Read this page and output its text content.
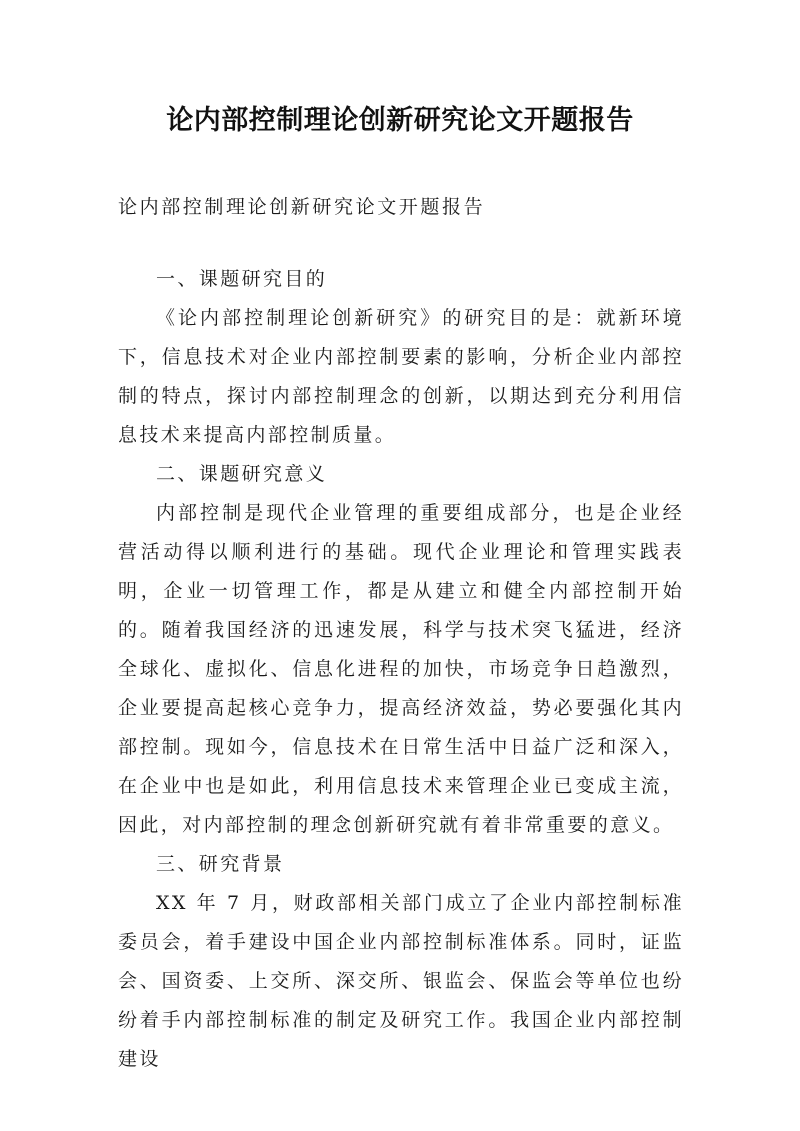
论内部控制理论创新研究论文开题报告
论内部控制理论创新研究论文开题报告
一、课题研究目的

《论内部控制理论创新研究》的研究目的是：就新环境下，信息技术对企业内部控制要素的影响，分析企业内部控制的特点，探讨内部控制理念的创新，以期达到充分利用信息技术来提高内部控制质量。

二、课题研究意义

内部控制是现代企业管理的重要组成部分，也是企业经营活动得以顺利进行的基础。现代企业理论和管理实践表明，企业一切管理工作，都是从建立和健全内部控制开始的。随着我国经济的迅速发展，科学与技术突飞猛进，经济全球化、虚拟化、信息化进程的加快，市场竞争日趋激烈，企业要提高起核心竞争力，提高经济效益，势必要强化其内部控制。现如今，信息技术在日常生活中日益广泛和深入，在企业中也是如此，利用信息技术来管理企业已变成主流，因此，对内部控制的理念创新研究就有着非常重要的意义。

三、研究背景

XX 年 7 月，财政部相关部门成立了企业内部控制标准委员会，着手建设中国企业内部控制标准体系。同时，证监会、国资委、上交所、深交所、银监会、保监会等单位也纷纷着手内部控制标准的制定及研究工作。我国企业内部控制建设
